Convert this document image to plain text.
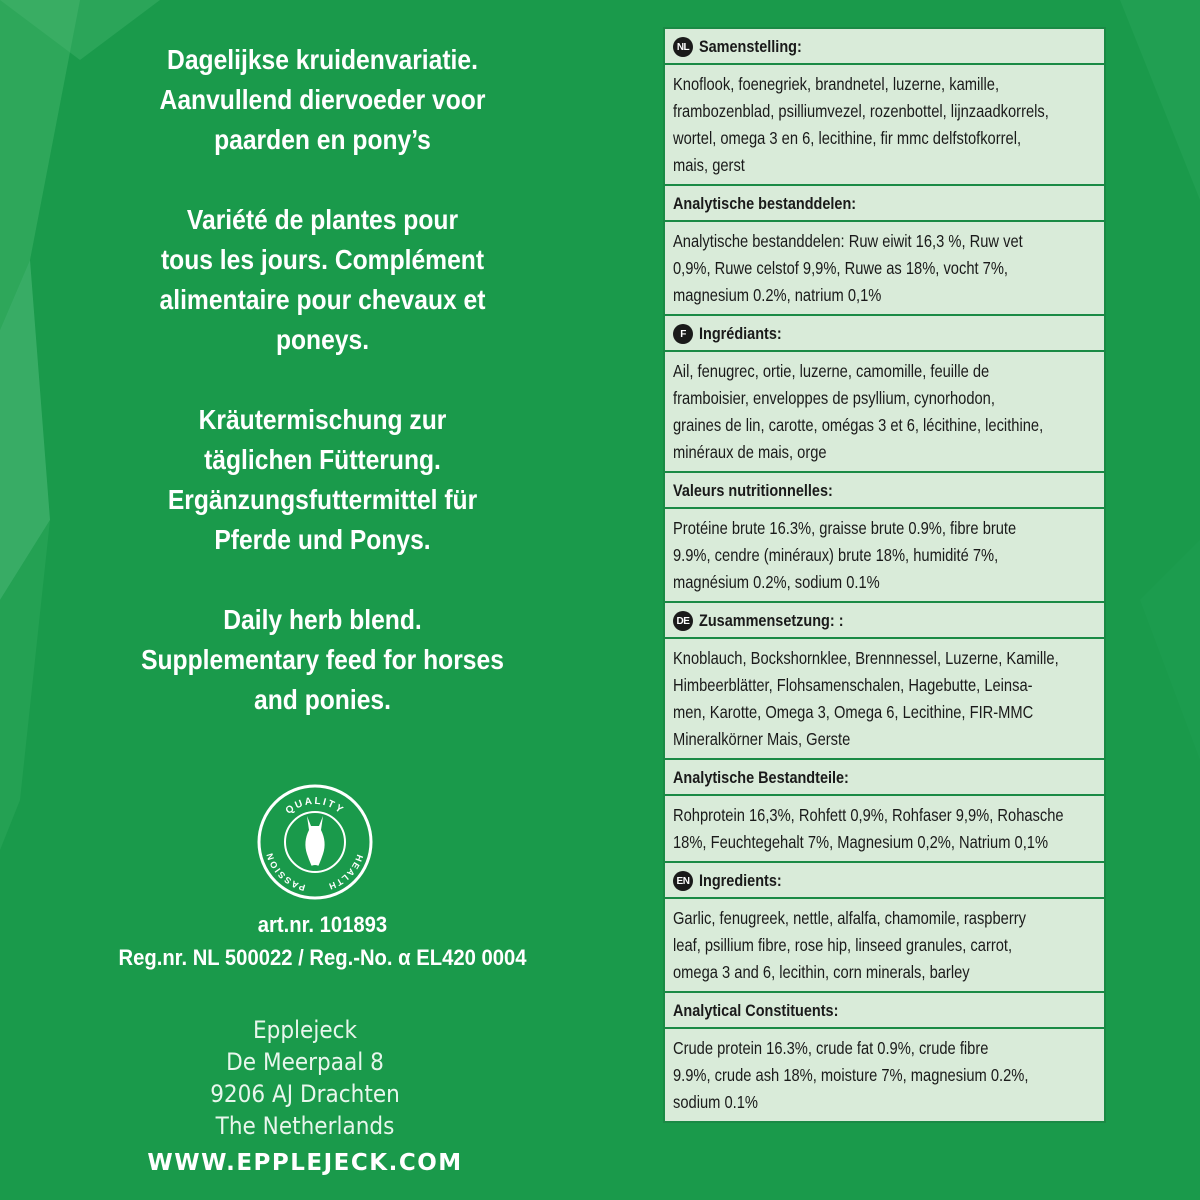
Dagelijkse kruidenvariatie.
Aanvullend diervoeder voor
paarden en pony’s
Variété de plantes pour
tous les jours. Complément
alimentaire pour chevaux et
poneys.
Kräutermischung zur
täglichen Fütterung.
Ergänzungsfuttermittel für
Pferde und Ponys.
Daily herb blend.
Supplementary feed for horses
and ponies.
QUALITY
PASSION	HEALTH
art.nr. 101893
Reg.nr. NL 500022 / Reg.-No. α EL420 0004
Epplejeck
De Meerpaal 8
9206 AJ Drachten
The Netherlands
WWW.EPPLEJECK.COM
NL Samenstelling:
Knoflook, foenegriek, brandnetel, luzerne, kamille,
frambozenblad, psilliumvezel, rozenbottel, lijnzaadkorrels,
wortel, omega 3 en 6, lecithine, fir mmc delfstofkorrel,
mais, gerst
Analytische bestanddelen:
Analytische bestanddelen: Ruw eiwit 16,3 %, Ruw vet
0,9%, Ruwe celstof 9,9%, Ruwe as 18%, vocht 7%,
magnesium 0.2%, natrium 0,1%
F Ingrédiants:
Ail, fenugrec, ortie, luzerne, camomille, feuille de
framboisier, enveloppes de psyllium, cynorhodon,
graines de lin, carotte, omégas 3 et 6, lécithine, lecithine,
minéraux de mais, orge
Valeurs nutritionnelles:
Protéine brute 16.3%, graisse brute 0.9%, fibre brute
9.9%, cendre (minéraux) brute 18%, humidité 7%,
magnésium 0.2%, sodium 0.1%
DE Zusammensetzung: :
Knoblauch, Bockshornklee, Brennnessel, Luzerne, Kamille,
Himbeerblätter, Flohsamenschalen, Hagebutte, Leinsa-
men, Karotte, Omega 3, Omega 6, Lecithine, FIR-MMC
Mineralkörner Mais, Gerste
Analytische Bestandteile:
Rohprotein 16,3%, Rohfett 0,9%, Rohfaser 9,9%, Rohasche
18%, Feuchtegehalt 7%, Magnesium 0,2%, Natrium 0,1%
EN Ingredients:
Garlic, fenugreek, nettle, alfalfa, chamomile, raspberry
leaf, psillium fibre, rose hip, linseed granules, carrot,
omega 3 and 6, lecithin, corn minerals, barley
Analytical Constituents:
Crude protein 16.3%, crude fat 0.9%, crude fibre
9.9%, crude ash 18%, moisture 7%, magnesium 0.2%,
sodium 0.1%
